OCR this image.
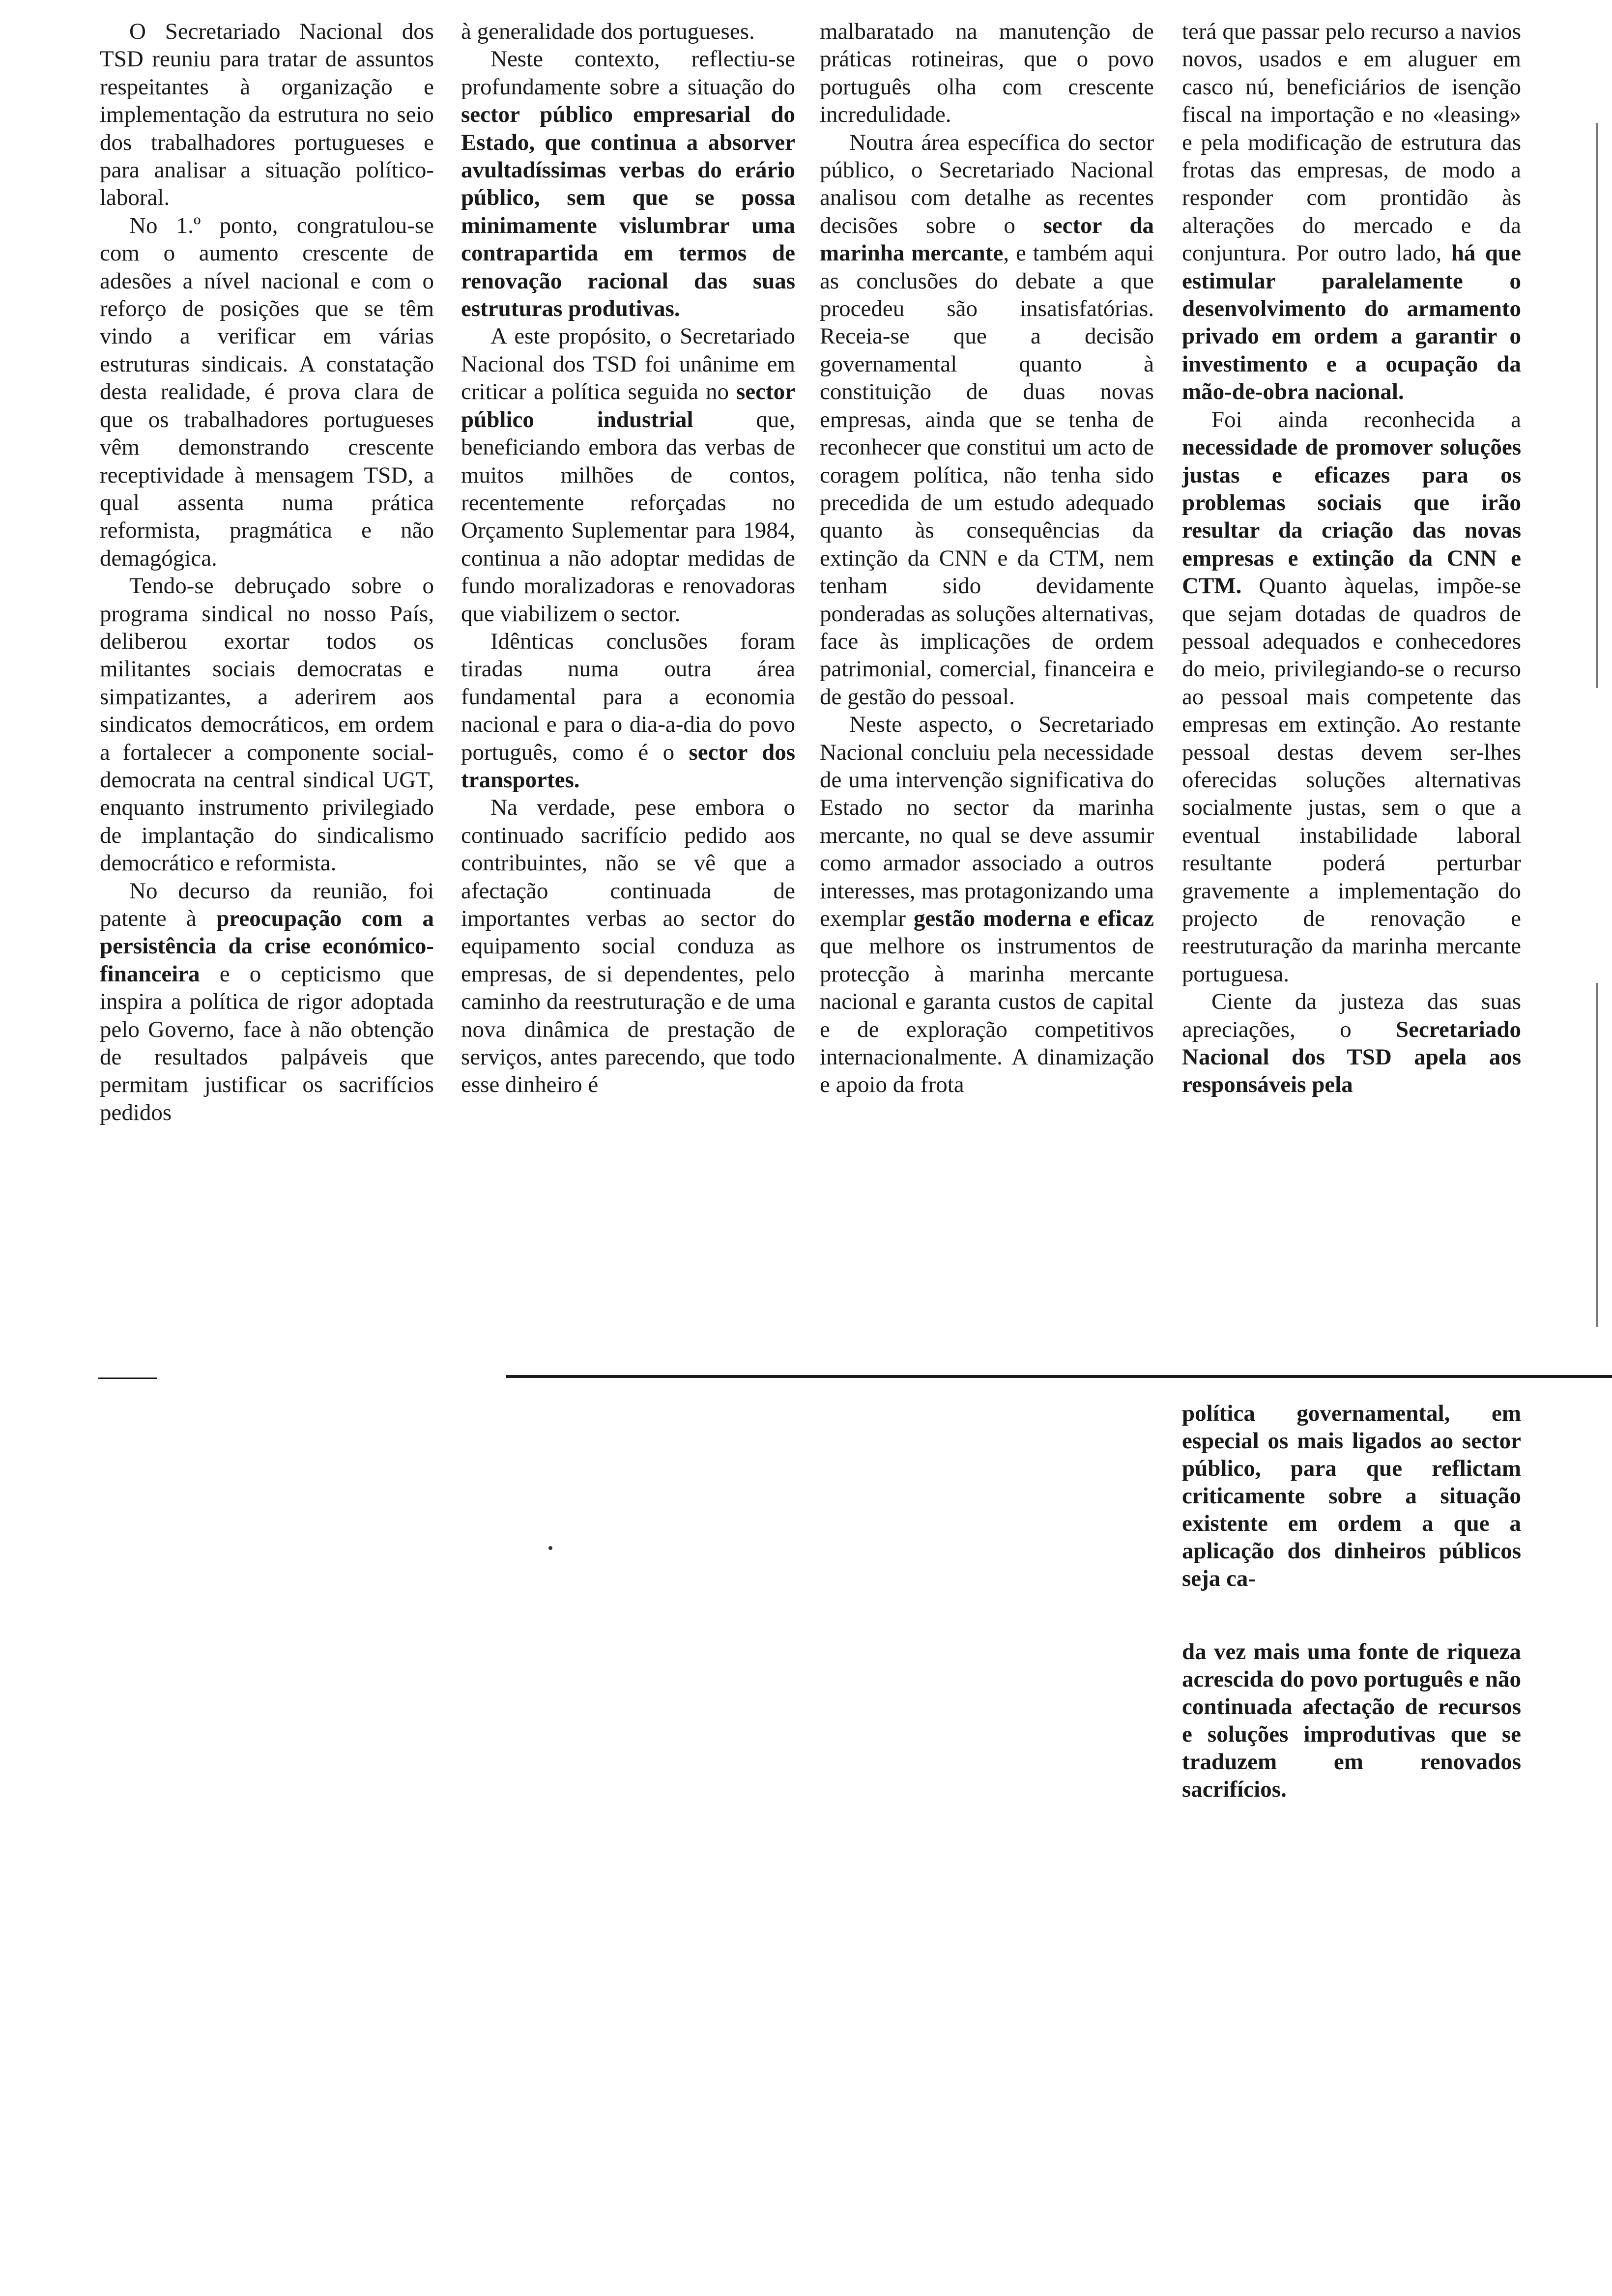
O Secretariado Nacional dos TSD reuniu para tratar de assuntos respeitantes à organização e implementação da estrutura no seio dos trabalhadores portugueses e para analisar a situação político-laboral.

No 1.º ponto, congratulou-se com o aumento crescente de adesões a nível nacional e com o reforço de posições que se têm vindo a verificar em várias estruturas sindicais. A constatação desta realidade, é prova clara de que os trabalhadores portugueses vêm demonstrando crescente receptividade à mensagem TSD, a qual assenta numa prática reformista, pragmática e não demagógica.

Tendo-se debruçado sobre o programa sindical no nosso País, deliberou exortar todos os militantes sociais democratas e simpatizantes, a aderirem aos sindicatos democráticos, em ordem a fortalecer a componente social-democrata na central sindical UGT, enquanto instrumento privilegiado de implantação do sindicalismo democrático e reformista.

No decurso da reunião, foi patente à preocupação com a persistência da crise económico-financeira e o cepticismo que inspira a política de rigor adoptada pelo Governo, face à não obtenção de resultados palpáveis que permitam justificar os sacrifícios pedidos

à generalidade dos portugueses.

Neste contexto, reflectiu-se profundamente sobre a situação do sector público empresarial do Estado, que continua a absorver avultadíssimas verbas do erário público, sem que se possa minimamente vislumbrar uma contrapartida em termos de renovação racional das suas estruturas produtivas.

A este propósito, o Secretariado Nacional dos TSD foi unânime em criticar a política seguida no sector público industrial que, beneficiando embora das verbas de muitos milhões de contos, recentemente reforçadas no Orçamento Suplementar para 1984, continua a não adoptar medidas de fundo moralizadoras e renovadoras que viabilizem o sector.

Idênticas conclusões foram tiradas numa outra área fundamental para a economia nacional e para o dia-a-dia do povo português, como é o sector dos transportes.

Na verdade, pese embora o continuado sacrifício pedido aos contribuintes, não se vê que a afectação continuada de importantes verbas ao sector do equipamento social conduza as empresas, de si dependentes, pelo caminho da reestruturação e de uma nova dinâmica de prestação de serviços, antes parecendo, que todo esse dinheiro é

malbaratado na manutenção de práticas rotineiras, que o povo português olha com crescente incredulidade.

Noutra área específica do sector público, o Secretariado Nacional analisou com detalhe as recentes decisões sobre o sector da marinha mercante, e também aqui as conclusões do debate a que procedeu são insatisfatórias. Receia-se que a decisão governamental quanto à constituição de duas novas empresas, ainda que se tenha de reconhecer que constitui um acto de coragem política, não tenha sido precedida de um estudo adequado quanto às consequências da extinção da CNN e da CTM, nem tenham sido devidamente ponderadas as soluções alternativas, face às implicações de ordem patrimonial, comercial, financeira e de gestão do pessoal.

Neste aspecto, o Secretariado Nacional concluiu pela necessidade de uma intervenção significativa do Estado no sector da marinha mercante, no qual se deve assumir como armador associado a outros interesses, mas protagonizando uma exemplar gestão moderna e eficaz que melhore os instrumentos de protecção à marinha mercante nacional e garanta custos de capital e de exploração competitivos internacionalmente. A dinamização e apoio da frota

terá que passar pelo recurso a navios novos, usados e em aluguer em casco nú, beneficiários de isenção fiscal na importação e no «leasing» e pela modificação de estrutura das frotas das empresas, de modo a responder com prontidão às alterações do mercado e da conjuntura. Por outro lado, há que estimular paralelamente o desenvolvimento do armamento privado em ordem a garantir o investimento e a ocupação da mão-de-obra nacional.

Foi ainda reconhecida a necessidade de promover soluções justas e eficazes para os problemas sociais que irão resultar da criação das novas empresas e extinção da CNN e CTM. Quanto àquelas, impõe-se que sejam dotadas de quadros de pessoal adequados e conhecedores do meio, privilegiando-se o recurso ao pessoal mais competente das empresas em extinção. Ao restante pessoal destas devem ser-lhes oferecidas soluções alternativas socialmente justas, sem o que a eventual instabilidade laboral resultante poderá perturbar gravemente a implementação do projecto de renovação e reestruturação da marinha mercante portuguesa.

Ciente da justeza das suas apreciações, o Secretariado Nacional dos TSD apela aos responsáveis pela

política governamental, em especial os mais ligados ao sector público, para que reflictam criticamente sobre a situação existente em ordem a que a aplicação dos dinheiros públicos seja ca-

da vez mais uma fonte de riqueza acrescida do povo português e não continuada afectação de recursos e soluções improdutivas que se traduzem em renovados sacrifícios.
